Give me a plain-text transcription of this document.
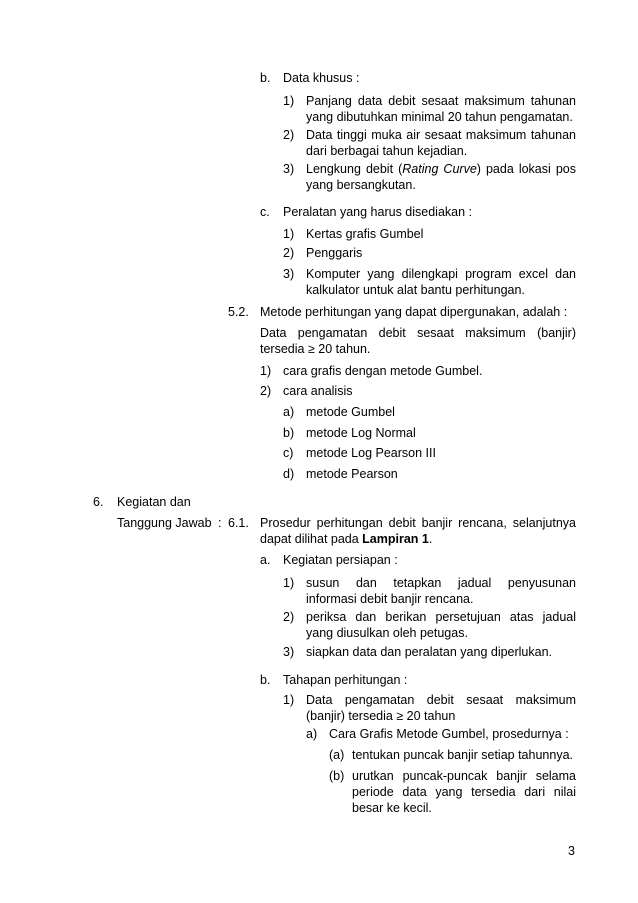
b. Data khusus :
1) Panjang data debit sesaat maksimum tahunan yang dibutuhkan minimal 20 tahun pengamatan.
2) Data tinggi muka air sesaat maksimum tahunan dari berbagai tahun kejadian.
3) Lengkung debit (Rating Curve) pada lokasi pos yang bersangkutan.
c. Peralatan yang harus disediakan :
1) Kertas grafis Gumbel
2) Penggaris
3) Komputer yang dilengkapi program excel dan kalkulator untuk alat bantu perhitungan.
5.2. Metode perhitungan yang dapat dipergunakan, adalah :
Data pengamatan debit sesaat maksimum (banjir) tersedia ≥ 20 tahun.
1) cara grafis dengan metode Gumbel.
2) cara analisis
a) metode Gumbel
b) metode Log Normal
c) metode Log Pearson III
d) metode Pearson
6. Kegiatan dan
Tanggung Jawab : 6.1. Prosedur perhitungan debit banjir rencana, selanjutnya dapat dilihat pada Lampiran 1.
a. Kegiatan persiapan :
1) susun dan tetapkan jadual penyusunan informasi debit banjir rencana.
2) periksa dan berikan persetujuan atas jadual yang diusulkan oleh petugas.
3) siapkan data dan peralatan yang diperlukan.
b. Tahapan perhitungan :
1) Data pengamatan debit sesaat maksimum (banjir) tersedia ≥ 20 tahun
a) Cara Grafis Metode Gumbel, prosedurnya :
(a) tentukan puncak banjir setiap tahunnya.
(b) urutkan puncak-puncak banjir selama periode data yang tersedia dari nilai besar ke kecil.
3
